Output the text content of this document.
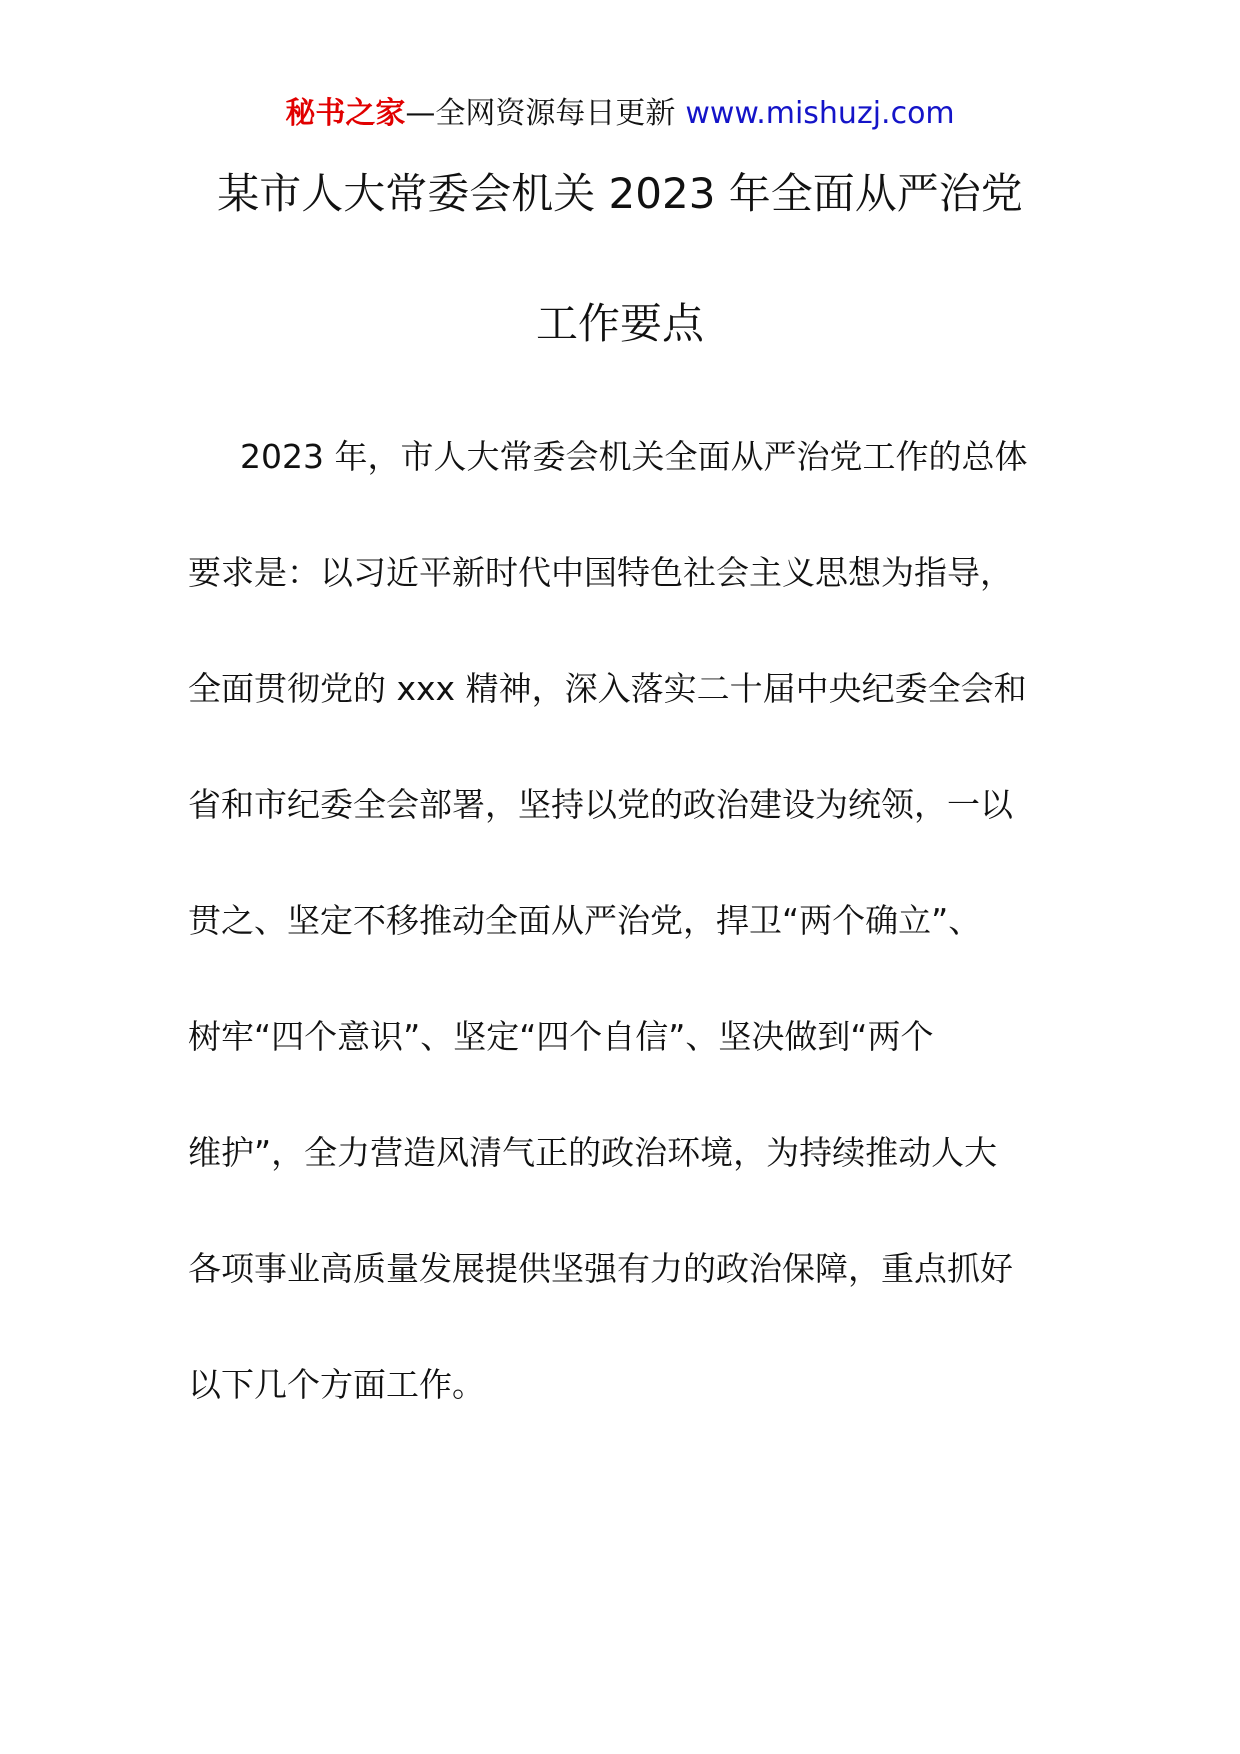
秘书之家—全网资源每日更新 www.mishuzj.com
某市人大常委会机关 2023 年全面从严治党
工作要点
2023 年，市人大常委会机关全面从严治党工作的总体
要求是：以习近平新时代中国特色社会主义思想为指导，
全面贯彻党的 xxx 精神，深入落实二十届中央纪委全会和
省和市纪委全会部署，坚持以党的政治建设为统领，一以
贯之、坚定不移推动全面从严治党，捍卫“两个确立”、
树牢“四个意识”、坚定“四个自信”、坚决做到“两个
维护”，全力营造风清气正的政治环境，为持续推动人大
各项事业高质量发展提供坚强有力的政治保障，重点抓好
以下几个方面工作。
